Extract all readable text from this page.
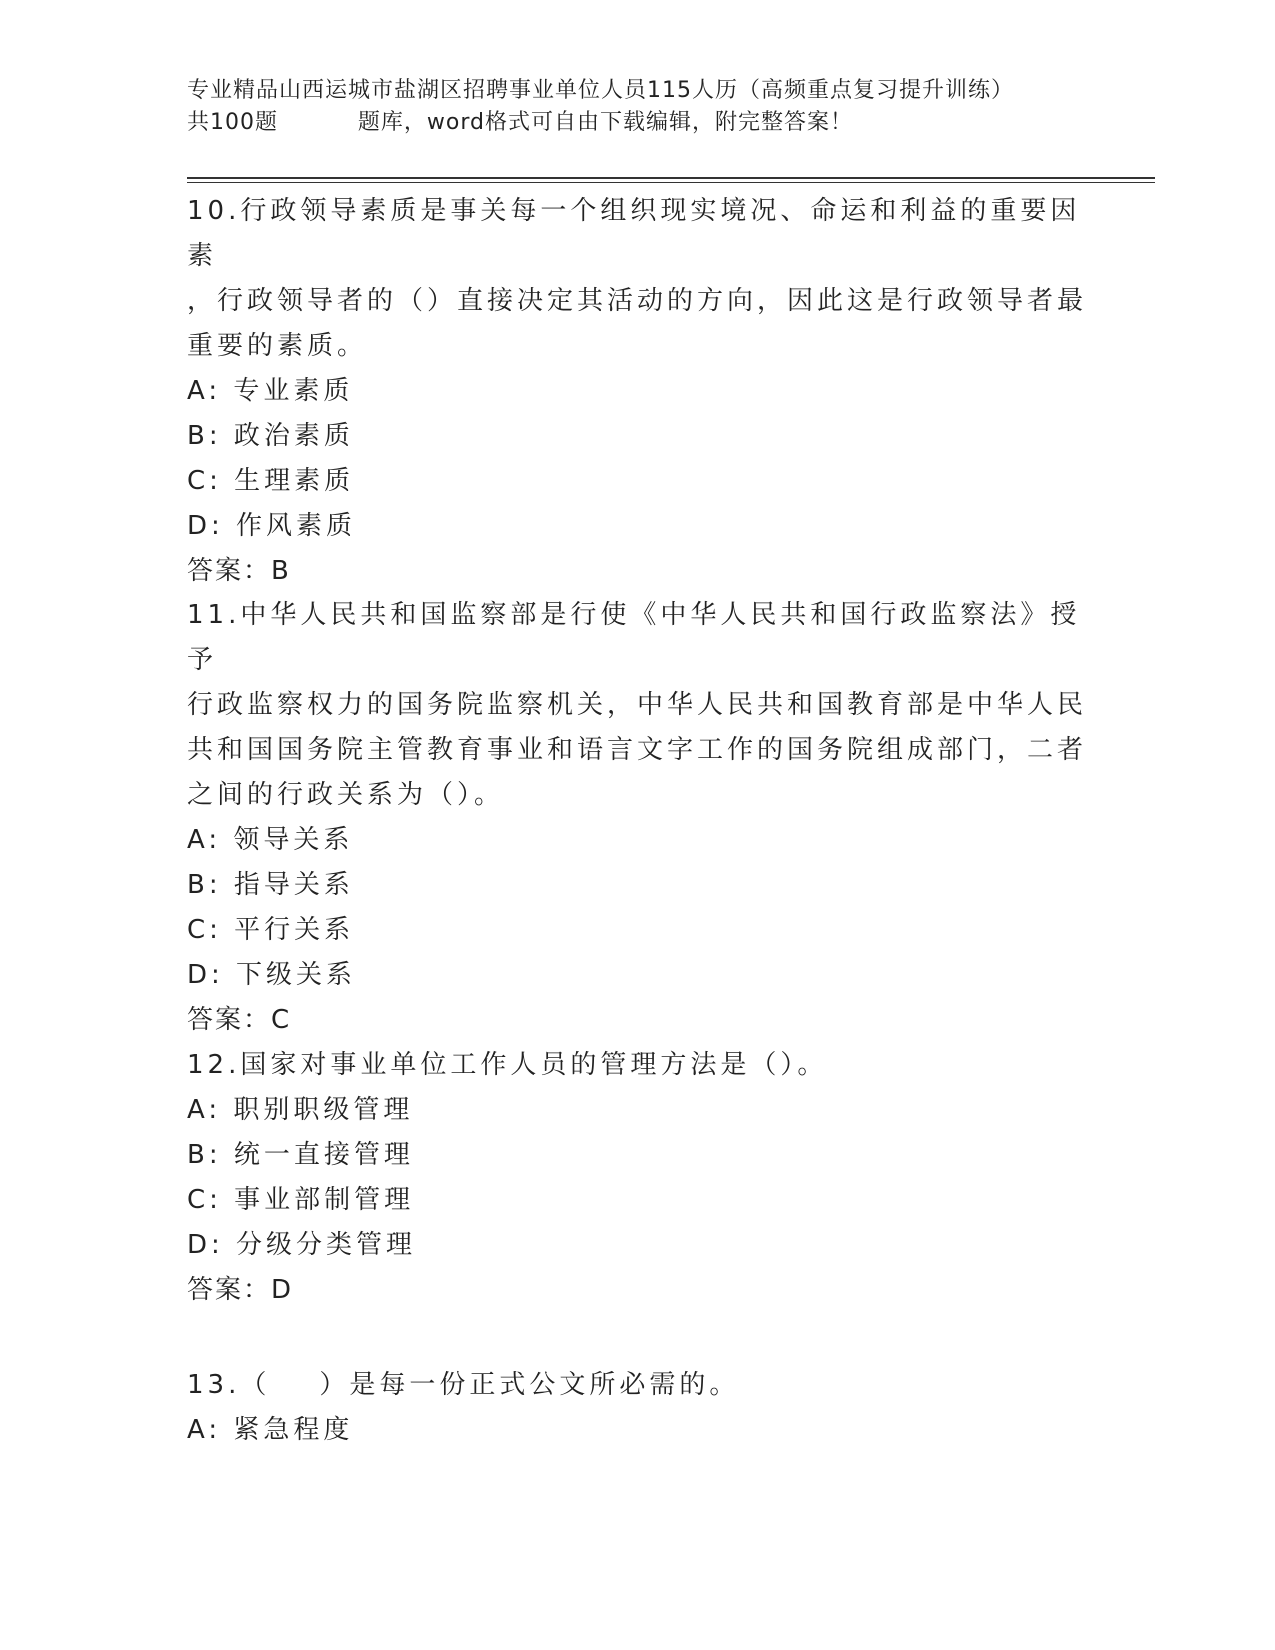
专业精品山西运城市盐湖区招聘事业单位人员115人历（高频重点复习提升训练）
共100题          题库，word格式可自由下载编辑，附完整答案！

10.行政领导素质是事关每一个组织现实境况、命运和利益的重要因素
，行政领导者的（）直接决定其活动的方向，因此这是行政领导者最
重要的素质。

A: 专业素质

B: 政治素质

C: 生理素质

D: 作风素质

答案：B

11.中华人民共和国监察部是行使《中华人民共和国行政监察法》授予
行政监察权力的国务院监察机关，中华人民共和国教育部是中华人民
共和国国务院主管教育事业和语言文字工作的国务院组成部门，二者
之间的行政关系为（）。

A: 领导关系

B: 指导关系

C: 平行关系

D: 下级关系

答案：C

12.国家对事业单位工作人员的管理方法是（）。

A: 职别职级管理

B: 统一直接管理

C: 事业部制管理

D: 分级分类管理

答案：D

13.（    ）是每一份正式公文所必需的。

A: 紧急程度
